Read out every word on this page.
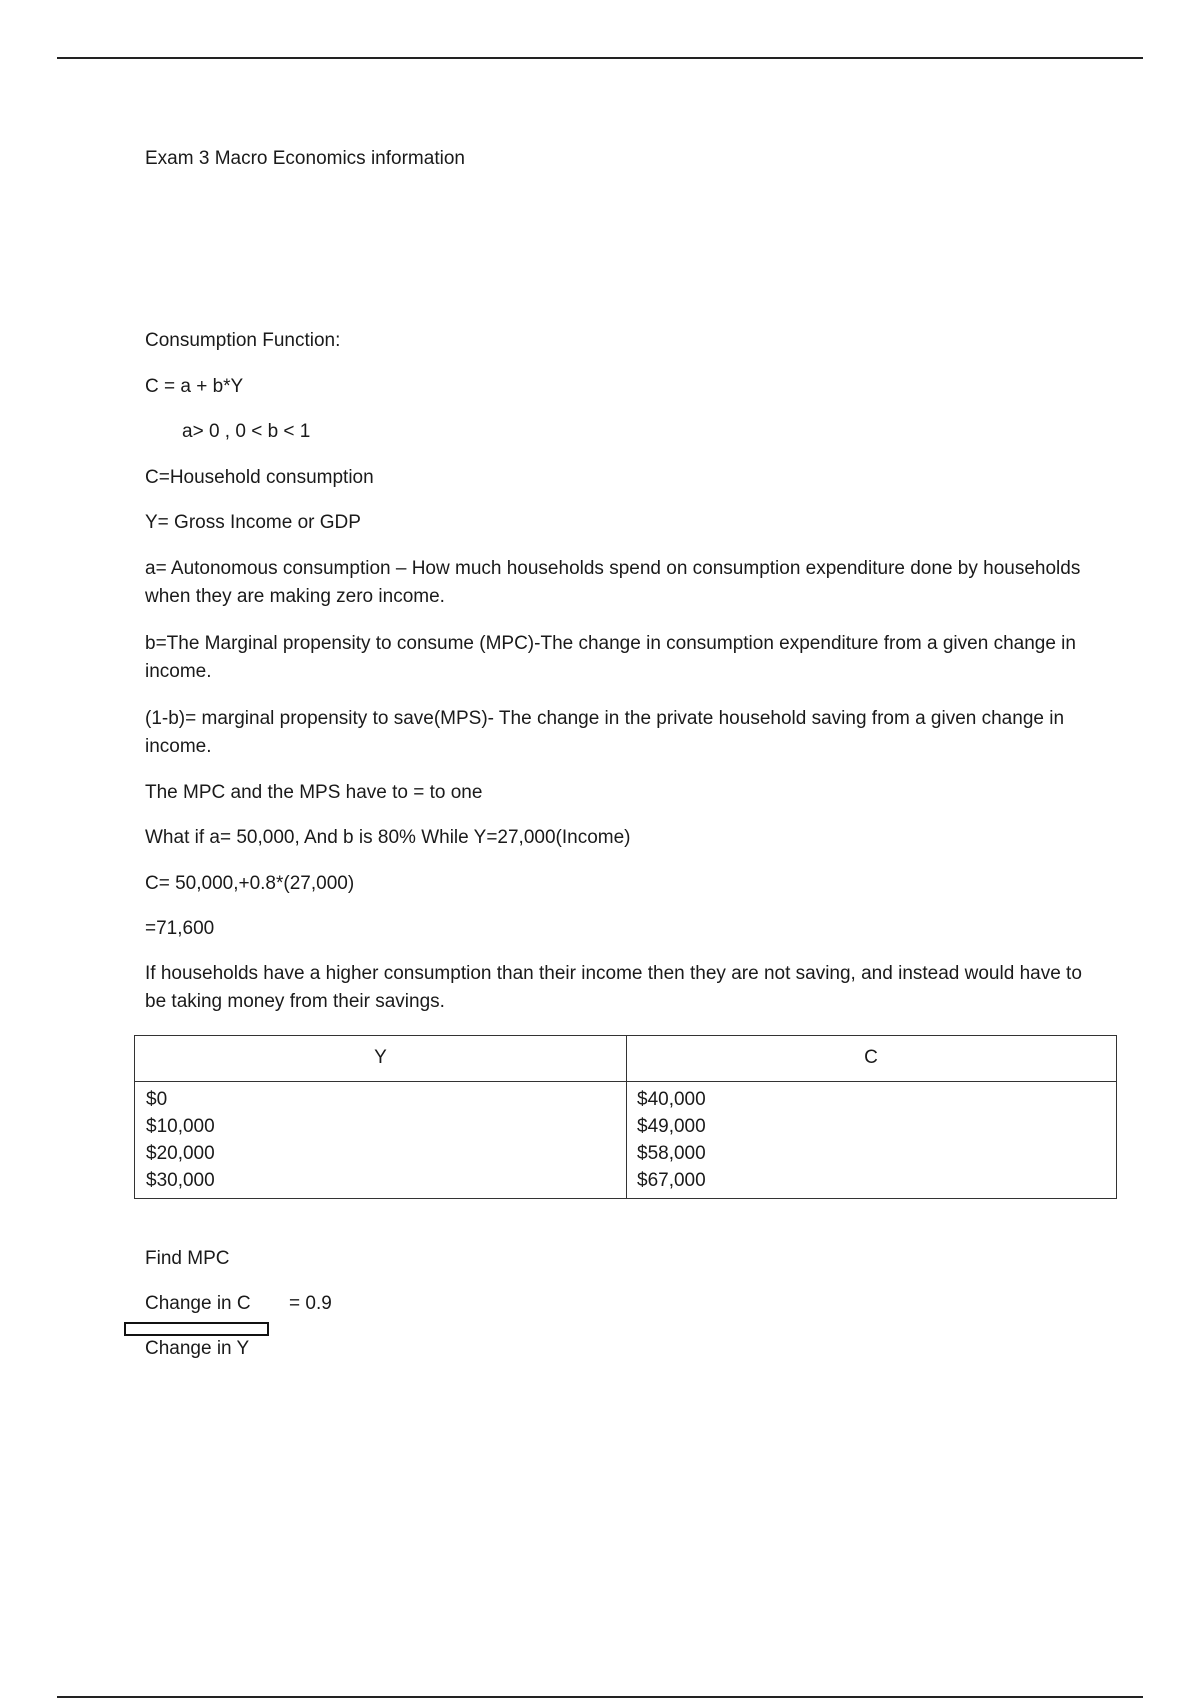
Exam 3 Macro Economics information
Consumption Function:
C = a + b*Y
a> 0 , 0 < b < 1
C=Household consumption
Y= Gross Income or GDP
a= Autonomous consumption – How much households spend on consumption expenditure done by households when they are making zero income.
b=The Marginal propensity to consume (MPC)-The change in consumption expenditure from a given change in income.
(1-b)= marginal propensity to save(MPS)- The change in the private household saving from a given change in income.
The MPC and the MPS have to = to one
What if a= 50,000, And b is 80% While Y=27,000(Income)
C= 50,000,+0.8*(27,000)
=71,600
If households have a higher consumption than their income then they are not saving, and instead would have to be taking money from their savings.
Find MPC
Change in C = 0.9
Change in Y
Y	C
$0
$10,000
$20,000
$30,000
$40,000
$49,000
$58,000
$67,000
